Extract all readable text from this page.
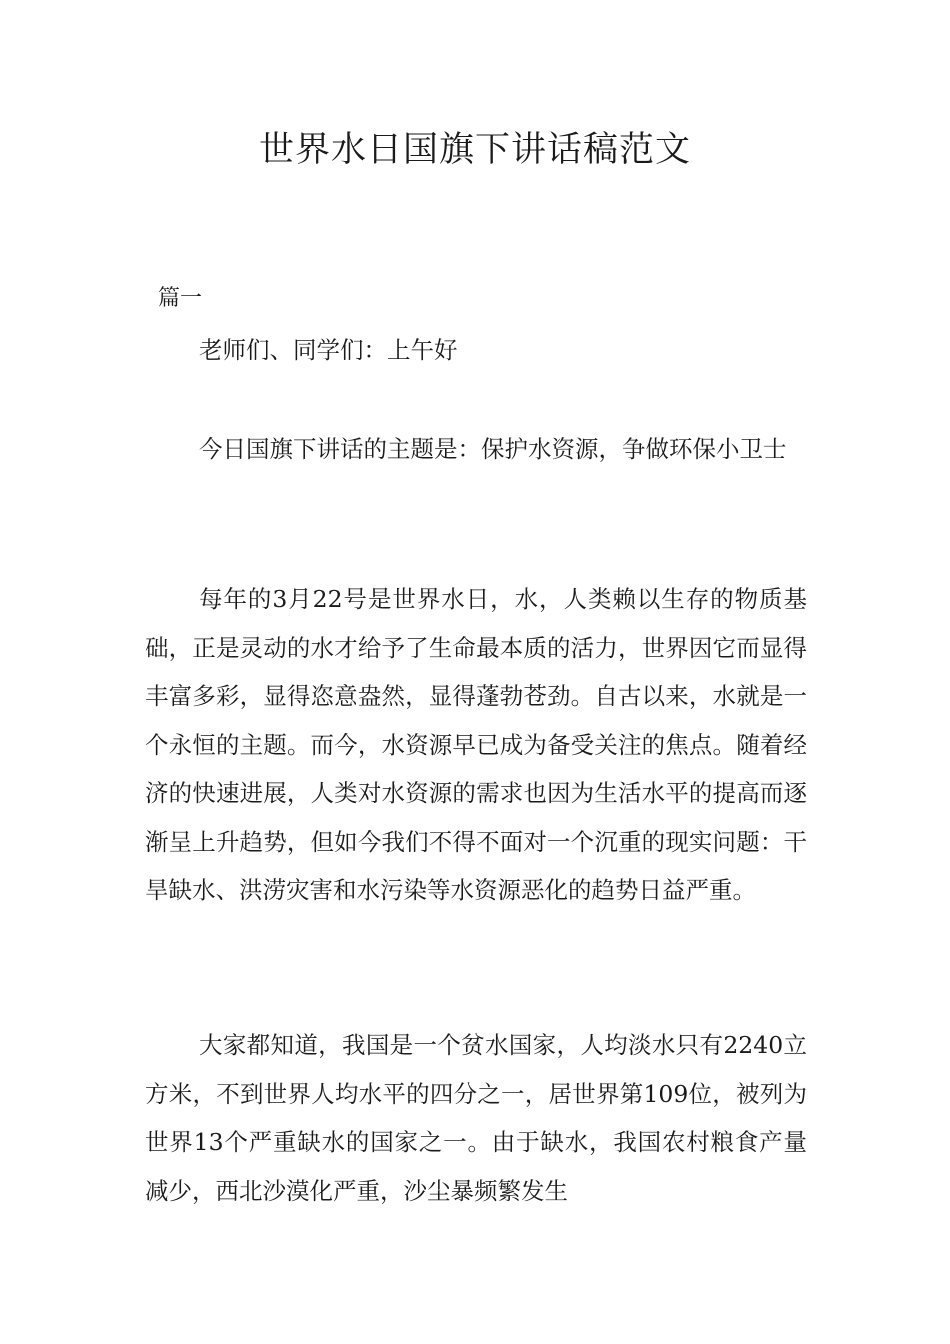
世界水日国旗下讲话稿范文
篇一

老师们、同学们：上午好

今日国旗下讲话的主题是：保护水资源，争做环保小卫士

每年的3月22号是世界水日，水，人类赖以生存的物质基础，正是灵动的水才给予了生命最本质的活力，世界因它而显得丰富多彩，显得恣意盎然，显得蓬勃苍劲。自古以来，水就是一个永恒的主题。而今，水资源早已成为备受关注的焦点。随着经济的快速进展，人类对水资源的需求也因为生活水平的提高而逐渐呈上升趋势，但如今我们不得不面对一个沉重的现实问题：干旱缺水、洪涝灾害和水污染等水资源恶化的趋势日益严重。

大家都知道，我国是一个贫水国家，人均淡水只有2240立方米，不到世界人均水平的四分之一，居世界第109位，被列为世界13个严重缺水的国家之一。由于缺水，我国农村粮食产量减少，西北沙漠化严重，沙尘暴频繁发生
